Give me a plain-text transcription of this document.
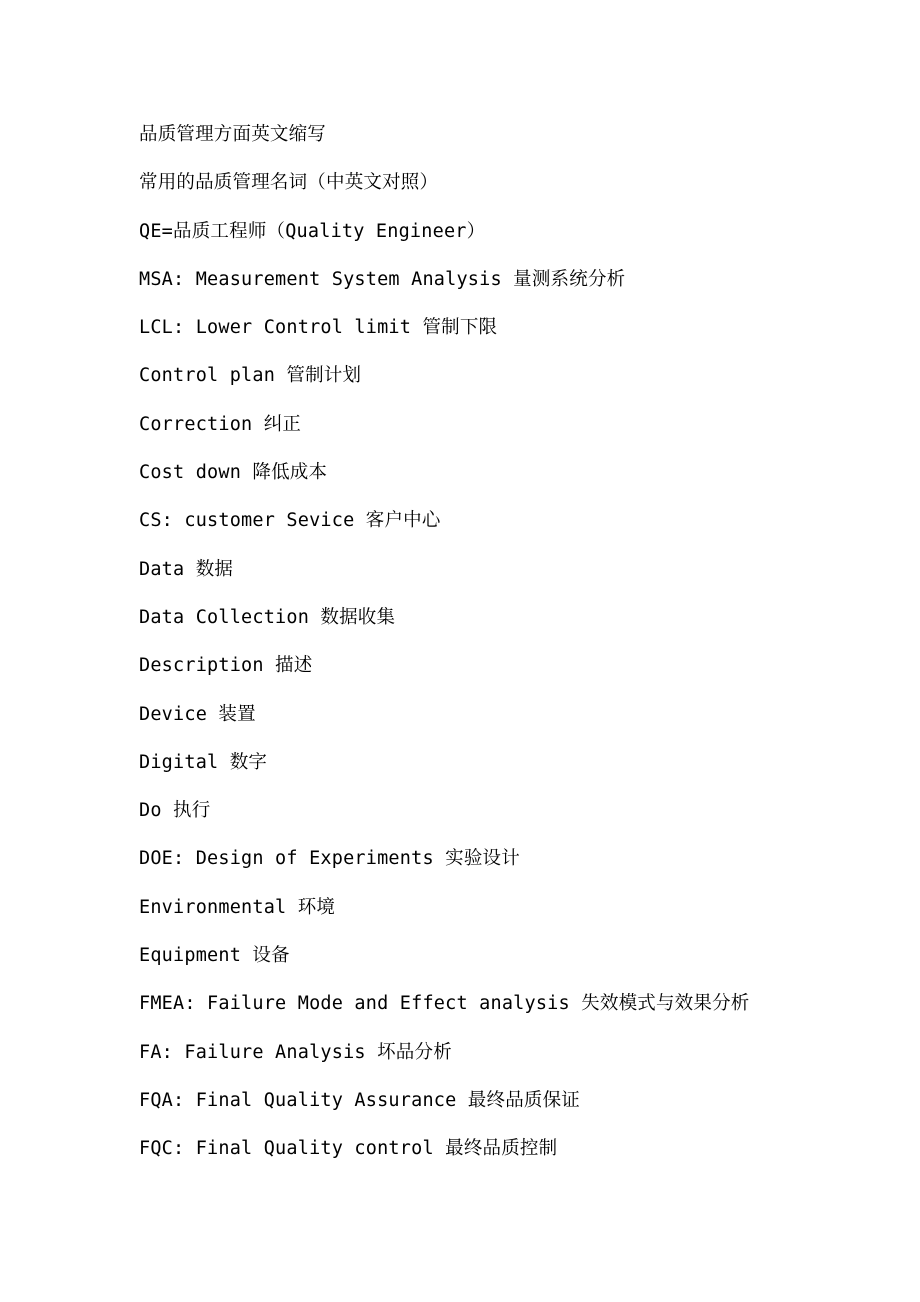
品质管理方面英文缩写
常用的品质管理名词（中英文对照）
QE=品质工程师（Quality Engineer）
MSA: Measurement System Analysis 量测系统分析
LCL: Lower Control limit 管制下限
Control plan 管制计划
Correction 纠正
Cost down 降低成本
CS: customer Sevice 客户中心
Data 数据
Data Collection 数据收集
Description 描述
Device 装置
Digital 数字
Do 执行
DOE: Design of Experiments 实验设计
Environmental 环境
Equipment 设备
FMEA: Failure Mode and Effect analysis 失效模式与效果分析
FA: Failure Analysis 坏品分析
FQA: Final Quality Assurance 最终品质保证
FQC: Final Quality control 最终品质控制
